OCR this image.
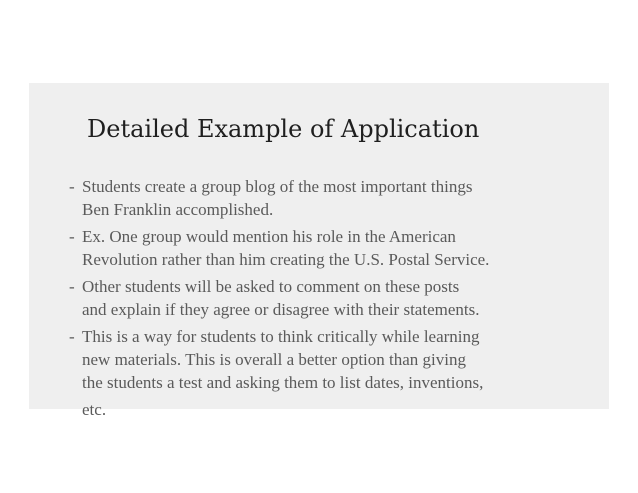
Detailed Example of Application
- Students create a group blog of the most important things
Ben Franklin accomplished.
- Ex. One group would mention his role in the American
Revolution rather than him creating the U.S. Postal Service.
- Other students will be asked to comment on these posts
and explain if they agree or disagree with their statements.
- This is a way for students to think critically while learning
new materials. This is overall a better option than giving
the students a test and asking them to list dates, inventions,
etc.
